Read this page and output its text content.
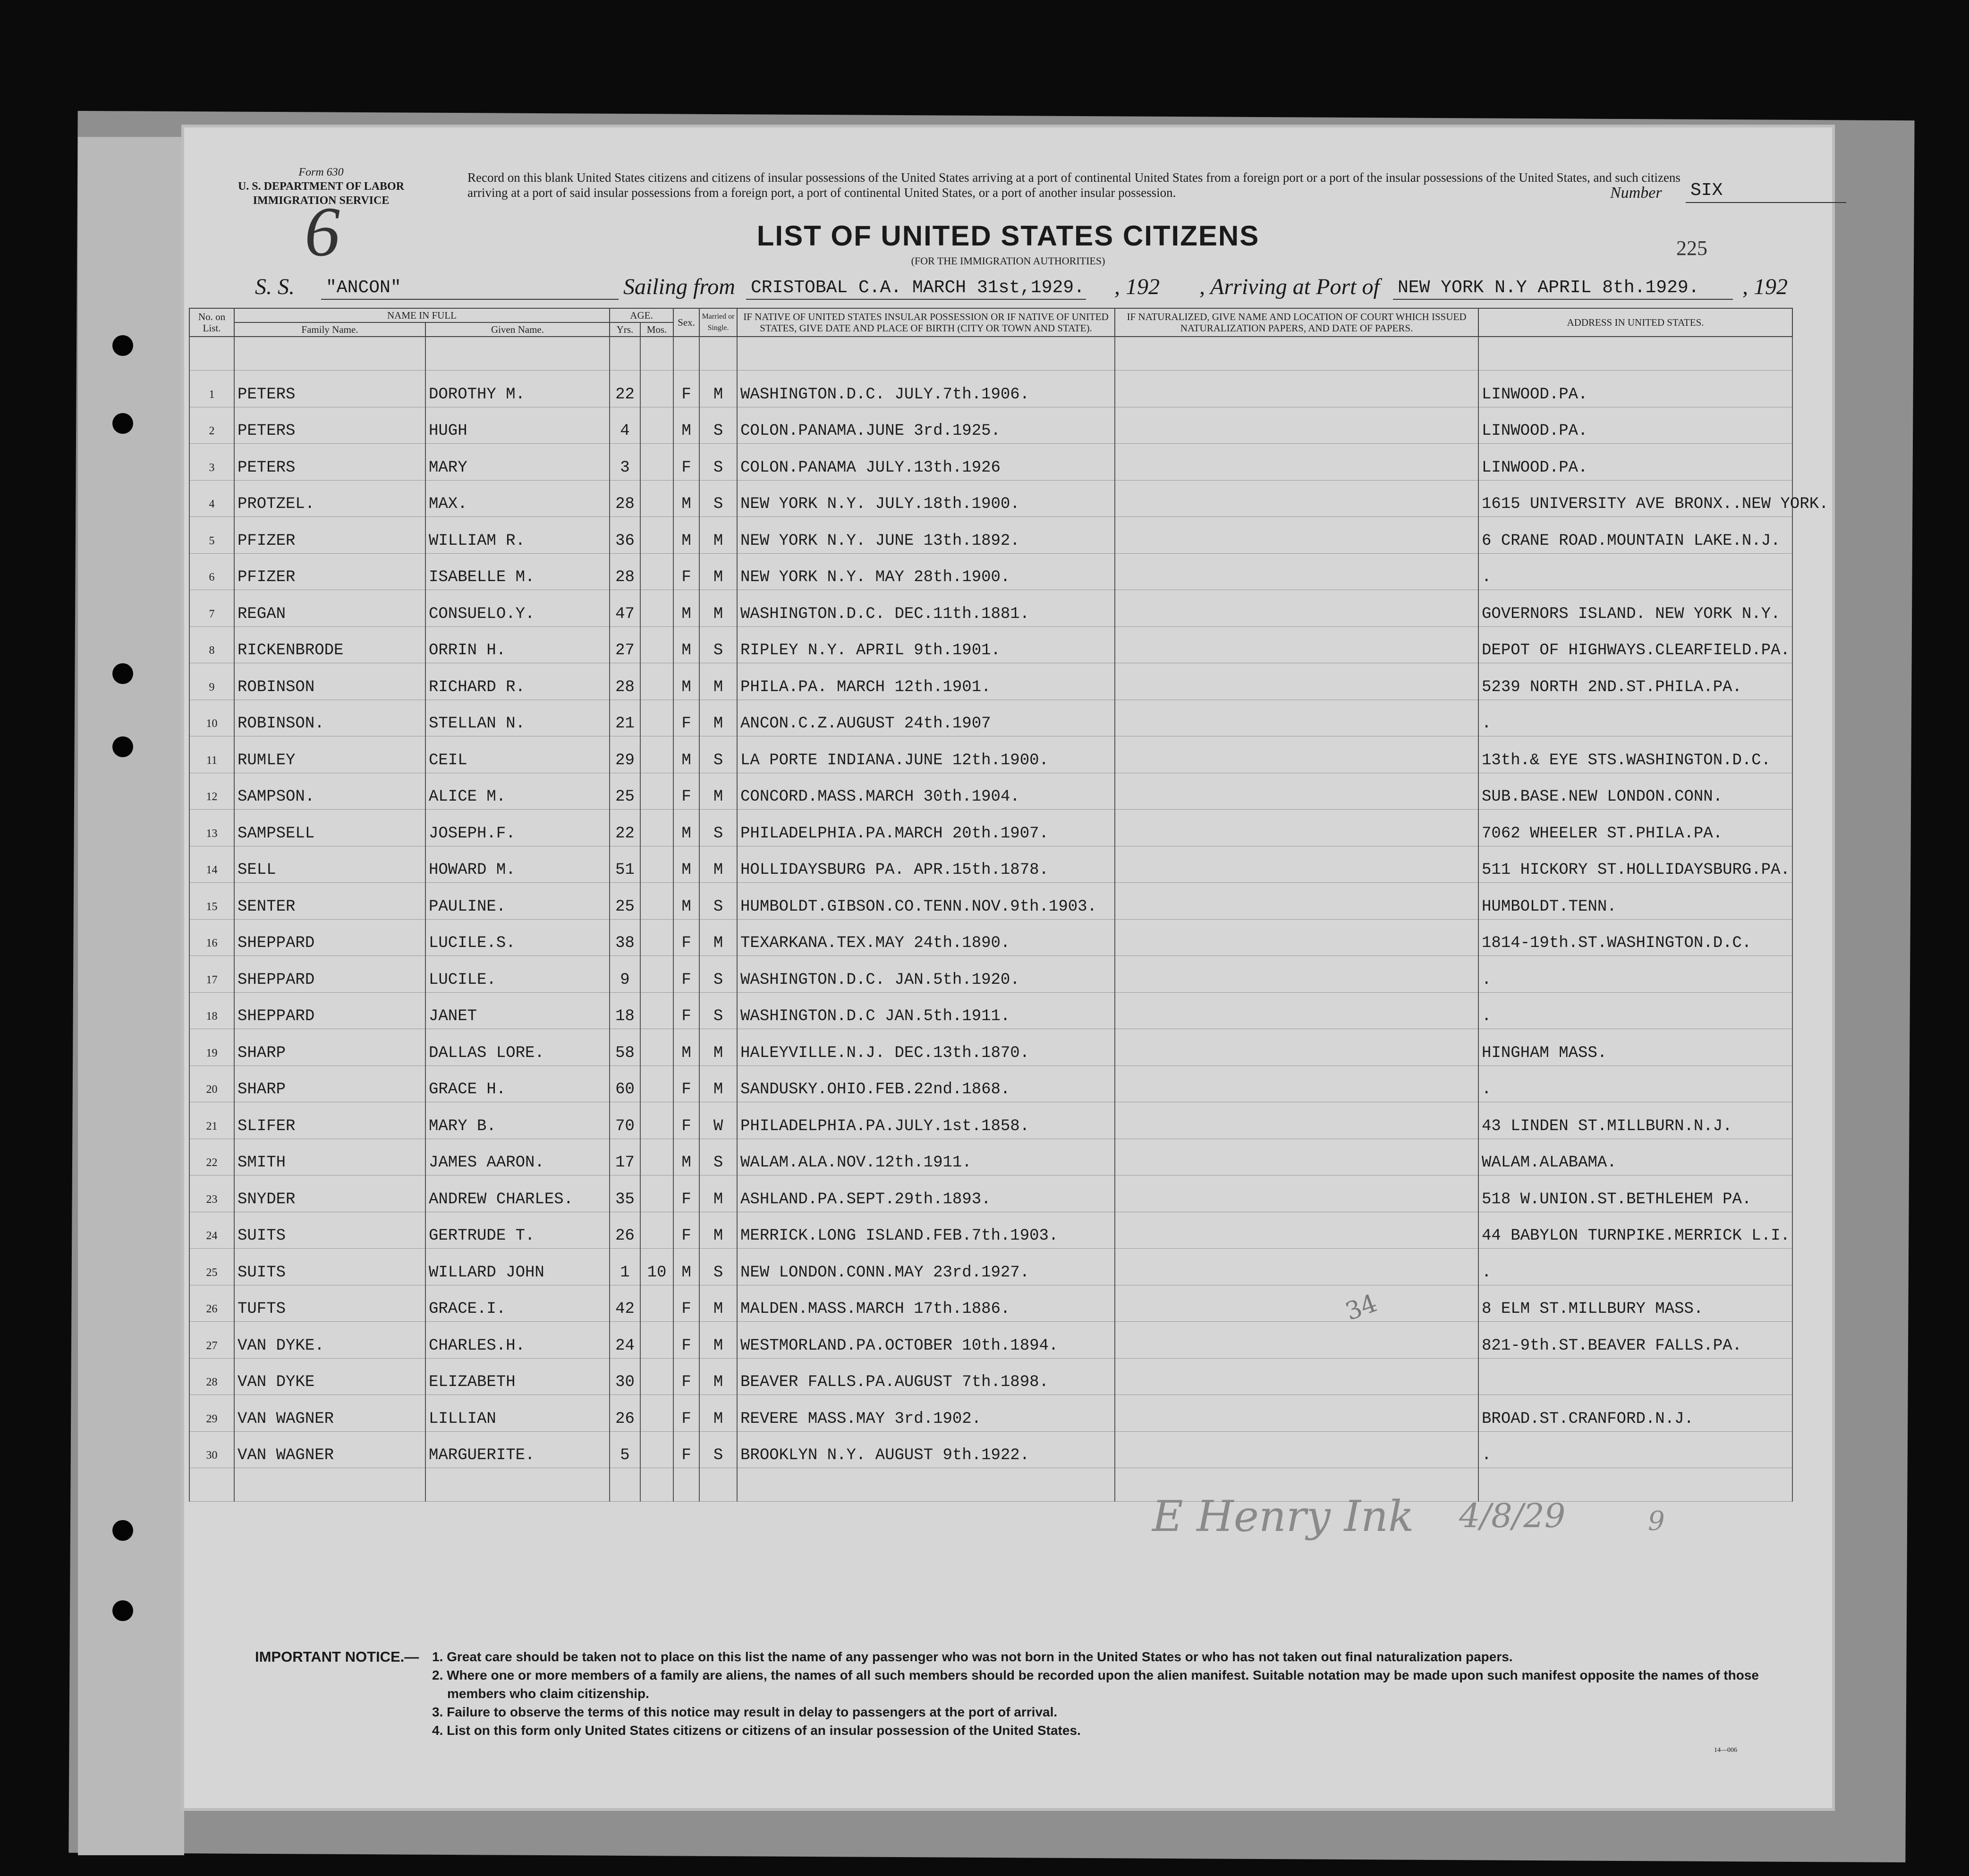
Form 630
U. S. DEPARTMENT OF LABOR
IMMIGRATION SERVICE
6
Record on this blank United States citizens and citizens of insular possessions of the United States arriving at a port of continental United States from a foreign port or a port of the insular possessions of the United States, and such citizens arriving at a port of said insular possessions from a foreign port, a port of continental United States, or a port of another insular possession.	Number SIX
225
LIST OF UNITED STATES CITIZENS
(FOR THE IMMIGRATION AUTHORITIES)
S. S. "ANCON"	Sailing from CRISTOBAL C.A. MARCH 31st,1929. , 192 , Arriving at Port of NEW YORK N.Y APRIL 8th.1929. , 192
No. on List.	NAME IN FULL		AGE.		Sex.	Married or Single.	IF NATIVE OF UNITED STATES INSULAR POSSESSION OR IF NATIVE OF UNITED STATES, GIVE DATE AND PLACE OF BIRTH (CITY OR TOWN AND STATE).	IF NATURALIZED, GIVE NAME AND LOCATION OF COURT WHICH ISSUED NATURALIZATION PAPERS, AND DATE OF PAPERS.	ADDRESS IN UNITED STATES.
	Family Name.	Given Name.	Yrs.	Mos.					

1	PETERS	DOROTHY M.	22		F	M	WASHINGTON.D.C. JULY.7th.1906.		LINWOOD.PA.
2	PETERS	HUGH	4		M	S	COLON.PANAMA.JUNE 3rd.1925.		LINWOOD.PA.
3	PETERS	MARY	3		F	S	COLON.PANAMA JULY.13th.1926		LINWOOD.PA.
4	PROTZEL.	MAX.	28		M	S	NEW YORK N.Y. JULY.18th.1900.		1615 UNIVERSITY AVE BRONX..NEW YORK.
5	PFIZER	WILLIAM R.	36		M	M	NEW YORK N.Y. JUNE 13th.1892.		6 CRANE ROAD.MOUNTAIN LAKE.N.J.
6	PFIZER	ISABELLE M.	28		F	M	NEW YORK N.Y. MAY 28th.1900.		.
7	REGAN	CONSUELO.Y.	47		M	M	WASHINGTON.D.C. DEC.11th.1881.		GOVERNORS ISLAND. NEW YORK N.Y.
8	RICKENBRODE	ORRIN H.	27		M	S	RIPLEY N.Y. APRIL 9th.1901.		DEPOT OF HIGHWAYS.CLEARFIELD.PA.
9	ROBINSON	RICHARD R.	28		M	M	PHILA.PA. MARCH 12th.1901.		5239 NORTH 2ND.ST.PHILA.PA.
10	ROBINSON.	STELLAN N.	21		F	M	ANCON.C.Z.AUGUST 24th.1907		.
11	RUMLEY	CEIL	29		M	S	LA PORTE INDIANA.JUNE 12th.1900.		13th.& EYE STS.WASHINGTON.D.C.
12	SAMPSON.	ALICE M.	25		F	M	CONCORD.MASS.MARCH 30th.1904.		SUB.BASE.NEW LONDON.CONN.
13	SAMPSELL	JOSEPH.F.	22		M	S	PHILADELPHIA.PA.MARCH 20th.1907.		7062 WHEELER ST.PHILA.PA.
14	SELL	HOWARD M.	51		M	M	HOLLIDAYSBURG PA. APR.15th.1878.		511 HICKORY ST.HOLLIDAYSBURG.PA.
15	SENTER	PAULINE.	25		M	S	HUMBOLDT.GIBSON.CO.TENN.NOV.9th.1903.		HUMBOLDT.TENN.
16	SHEPPARD	LUCILE.S.	38		F	M	TEXARKANA.TEX.MAY 24th.1890.		1814-19th.ST.WASHINGTON.D.C.
17	SHEPPARD	LUCILE.	9		F	S	WASHINGTON.D.C. JAN.5th.1920.		.
18	SHEPPARD	JANET	18		F	S	WASHINGTON.D.C JAN.5th.1911.		.
19	SHARP	DALLAS LORE.	58		M	M	HALEYVILLE.N.J. DEC.13th.1870.		HINGHAM MASS.
20	SHARP	GRACE H.	60		F	M	SANDUSKY.OHIO.FEB.22nd.1868.		.
21	SLIFER	MARY B.	70		F	W	PHILADELPHIA.PA.JULY.1st.1858.		43 LINDEN ST.MILLBURN.N.J.
22	SMITH	JAMES AARON.	17		M	S	WALAM.ALA.NOV.12th.1911.		WALAM.ALABAMA.
23	SNYDER	ANDREW CHARLES.	35		F	M	ASHLAND.PA.SEPT.29th.1893.		518 W.UNION.ST.BETHLEHEM PA.
24	SUITS	GERTRUDE T.	26		F	M	MERRICK.LONG ISLAND.FEB.7th.1903.		44 BABYLON TURNPIKE.MERRICK L.I.
25	SUITS	WILLARD JOHN	1	10	M	S	NEW LONDON.CONN.MAY 23rd.1927.		.
26	TUFTS	GRACE.I.	42		F	M	MALDEN.MASS.MARCH 17th.1886.		8 ELM ST.MILLBURY MASS.
27	VAN DYKE.	CHARLES.H.	24		F	M	WESTMORLAND.PA.OCTOBER 10th.1894.		821-9th.ST.BEAVER FALLS.PA.
28	VAN DYKE	ELIZABETH	30		F	M	BEAVER FALLS.PA.AUGUST 7th.1898.		
29	VAN WAGNER	LILLIAN	26		F	M	REVERE MASS.MAY 3rd.1902.		BROAD.ST.CRANFORD.N.J.
30	VAN WAGNER	MARGUERITE.	5		F	S	BROOKLYN N.Y. AUGUST 9th.1922.		.

34
E Henry Ink 4/8/29	9
IMPORTANT NOTICE.— 1. Great care should be taken not to place on this list the name of any passenger who was not born in the United States or who has not taken out final naturalization papers.
2. Where one or more members of a family are aliens, the names of all such members should be recorded upon the alien manifest. Suitable notation may be made upon such manifest opposite the names of those members who claim citizenship.
3. Failure to observe the terms of this notice may result in delay to passengers at the port of arrival.
4. List on this form only United States citizens or citizens of an insular possession of the United States.
14—006
